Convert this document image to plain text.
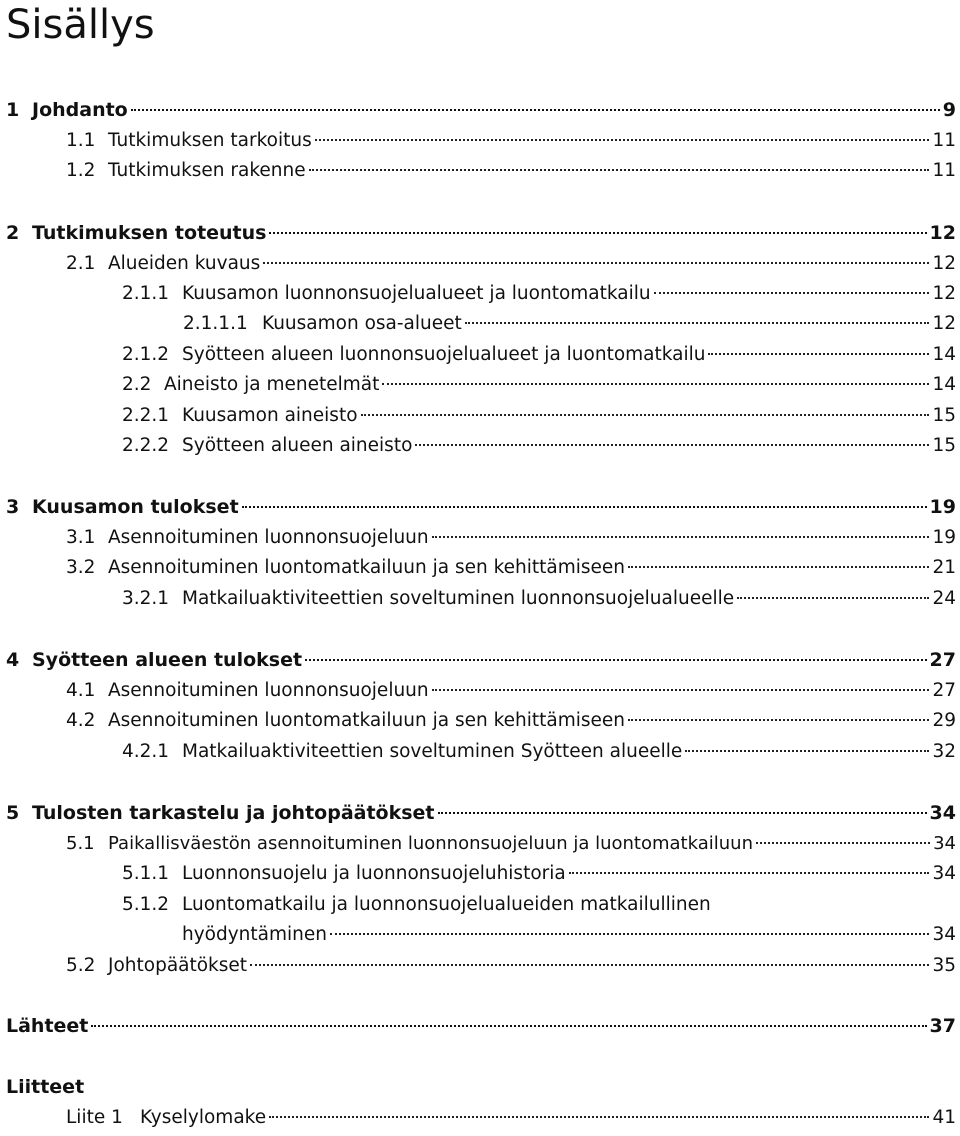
Sisällys
1 Johdanto	9
1.1 Tutkimuksen tarkoitus	11
1.2 Tutkimuksen rakenne	11
2 Tutkimuksen toteutus	12
2.1 Alueiden kuvaus	12
2.1.1 Kuusamon luonnonsuojelualueet ja luontomatkailu	12
2.1.1.1 Kuusamon osa-alueet	12
2.1.2 Syötteen alueen luonnonsuojelualueet ja luontomatkailu	14
2.2 Aineisto ja menetelmät	14
2.2.1 Kuusamon aineisto	15
2.2.2 Syötteen alueen aineisto	15
3 Kuusamon tulokset	19
3.1 Asennoituminen luonnonsuojeluun	19
3.2 Asennoituminen luontomatkailuun ja sen kehittämiseen	21
3.2.1 Matkailuaktiviteettien soveltuminen luonnonsuojelualueelle	24
4 Syötteen alueen tulokset	27
4.1 Asennoituminen luonnonsuojeluun	27
4.2 Asennoituminen luontomatkailuun ja sen kehittämiseen	29
4.2.1 Matkailuaktiviteettien soveltuminen Syötteen alueelle	32
5 Tulosten tarkastelu ja johtopäätökset	34
5.1 Paikallisväestön asennoituminen luonnonsuojeluun ja luontomatkailuun	34
5.1.1 Luonnonsuojelu ja luonnonsuojeluhistoria	34
5.1.2 Luontomatkailu ja luonnonsuojelualueiden matkailullinen
hyödyntäminen	34
5.2 Johtopäätökset	35
Lähteet	37
Liitteet
Liite 1 Kyselylomake	41
